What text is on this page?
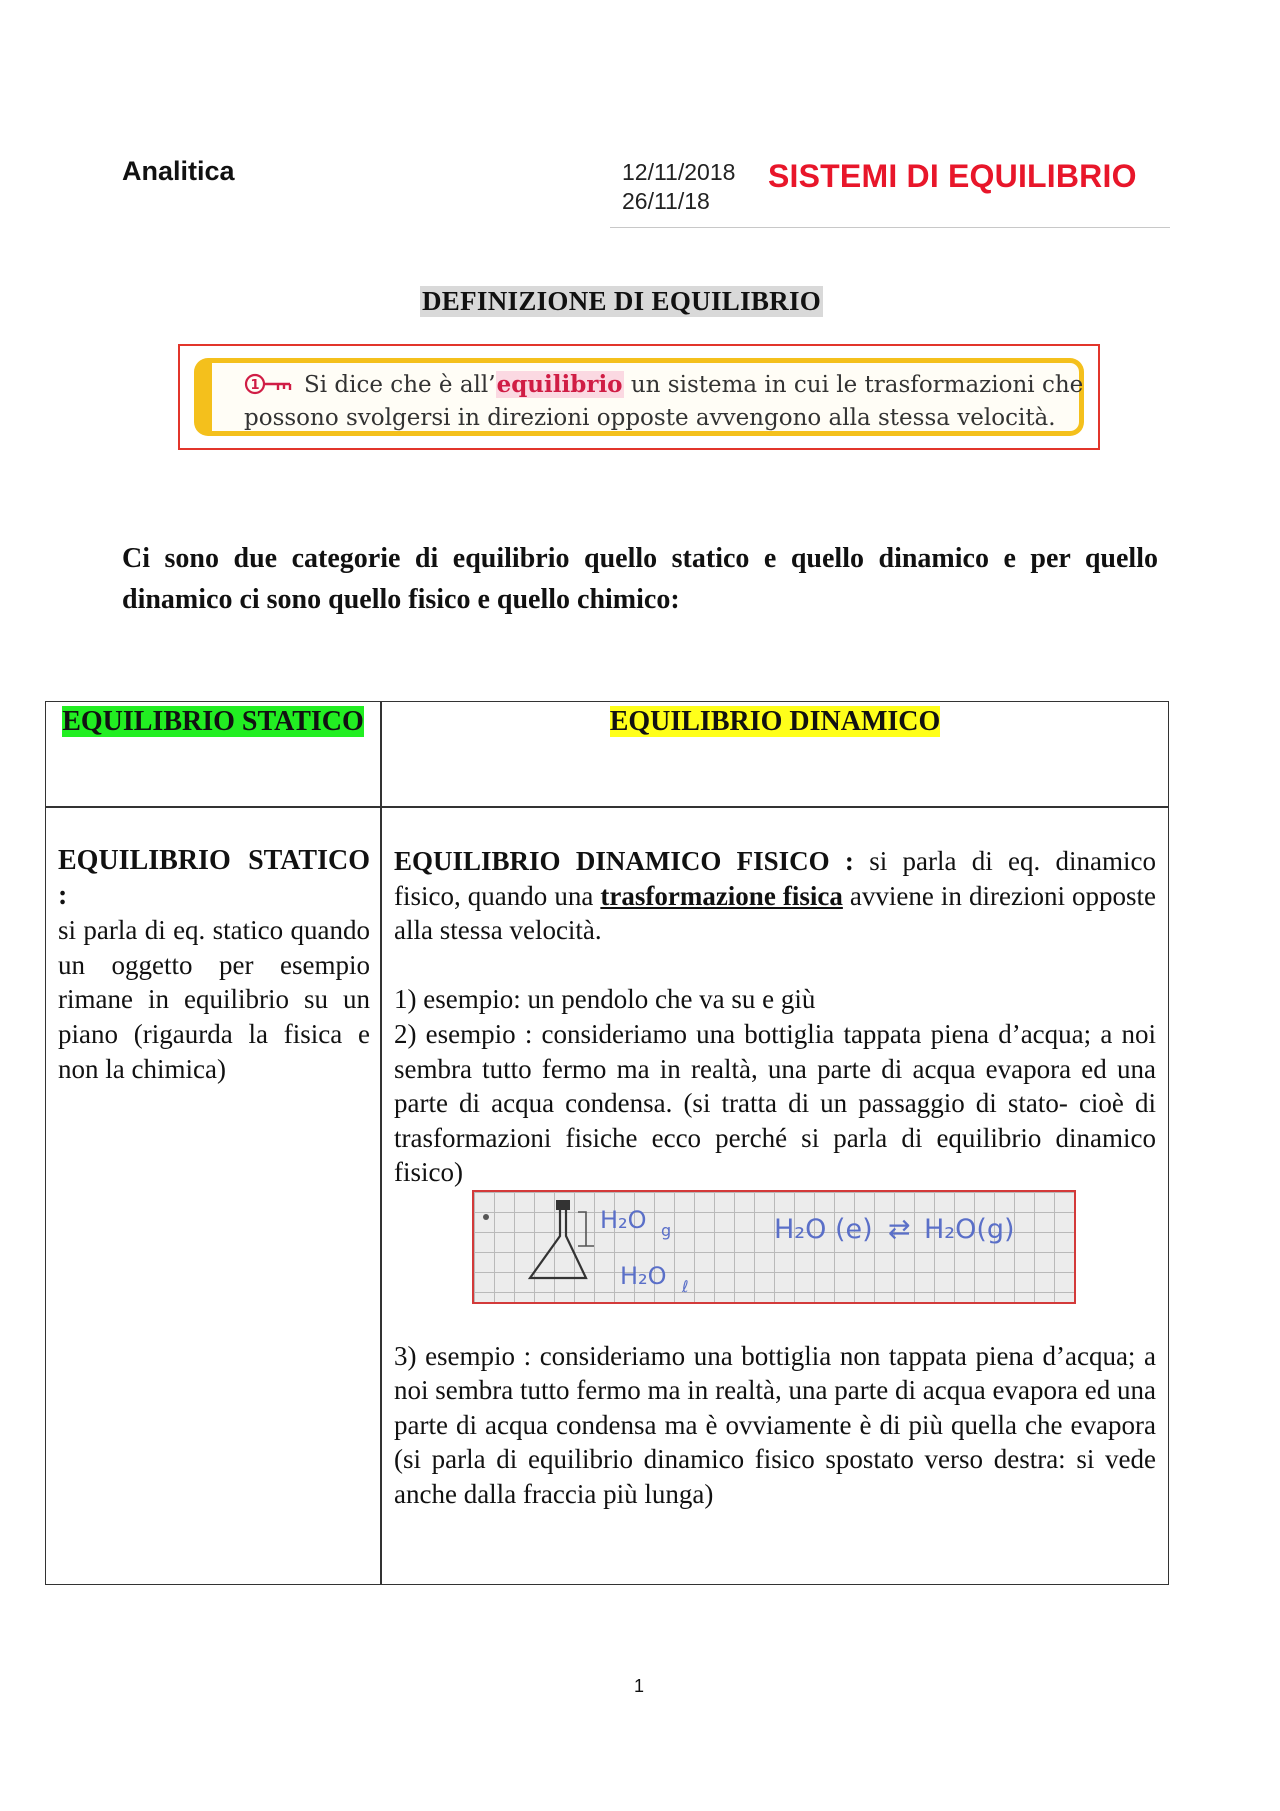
Analitica	12/11/2018
26/11/18
SISTEMI DI EQUILIBRIO
DEFINIZIONE DI EQUILIBRIO
1 Si dice che è all’equilibrio un sistema in cui le trasformazioni che possono svolgersi in direzioni opposte avvengono alla stessa velocità.
Ci sono due categorie di equilibrio quello statico e quello dinamico e per quello dinamico ci sono quello fisico e quello chimico:
EQUILIBRIO STATICO	EQUILIBRIO DINAMICO
EQUILIBRIO STATICO :
si parla di eq. statico quando un oggetto per esempio rimane in equilibrio su un piano (rigaurda la fisica e non la chimica)

EQUILIBRIO DINAMICO FISICO : si parla di eq. dinamico fisico, quando una trasformazione fisica avviene in direzioni opposte alla stessa velocità.

1) esempio: un pendolo che va su e giù

2) esempio : consideriamo una bottiglia tappata piena d’acqua; a noi sembra tutto fermo ma in realtà, una parte di acqua evapora ed una parte di acqua condensa. (si tratta di un passaggio di stato- cioè di trasformazioni fisiche ecco perché si parla di equilibrio dinamico fisico)

H₂O g
H₂O ℓ
H₂O (e) ⇄ H₂O(g)

3) esempio : consideriamo una bottiglia non tappata piena d’acqua; a noi sembra tutto fermo ma in realtà, una parte di acqua evapora ed una parte di acqua condensa ma è ovviamente è di più quella che evapora (si parla di equilibrio dinamico fisico spostato verso destra: si vede anche dalla fraccia più lunga)

1
